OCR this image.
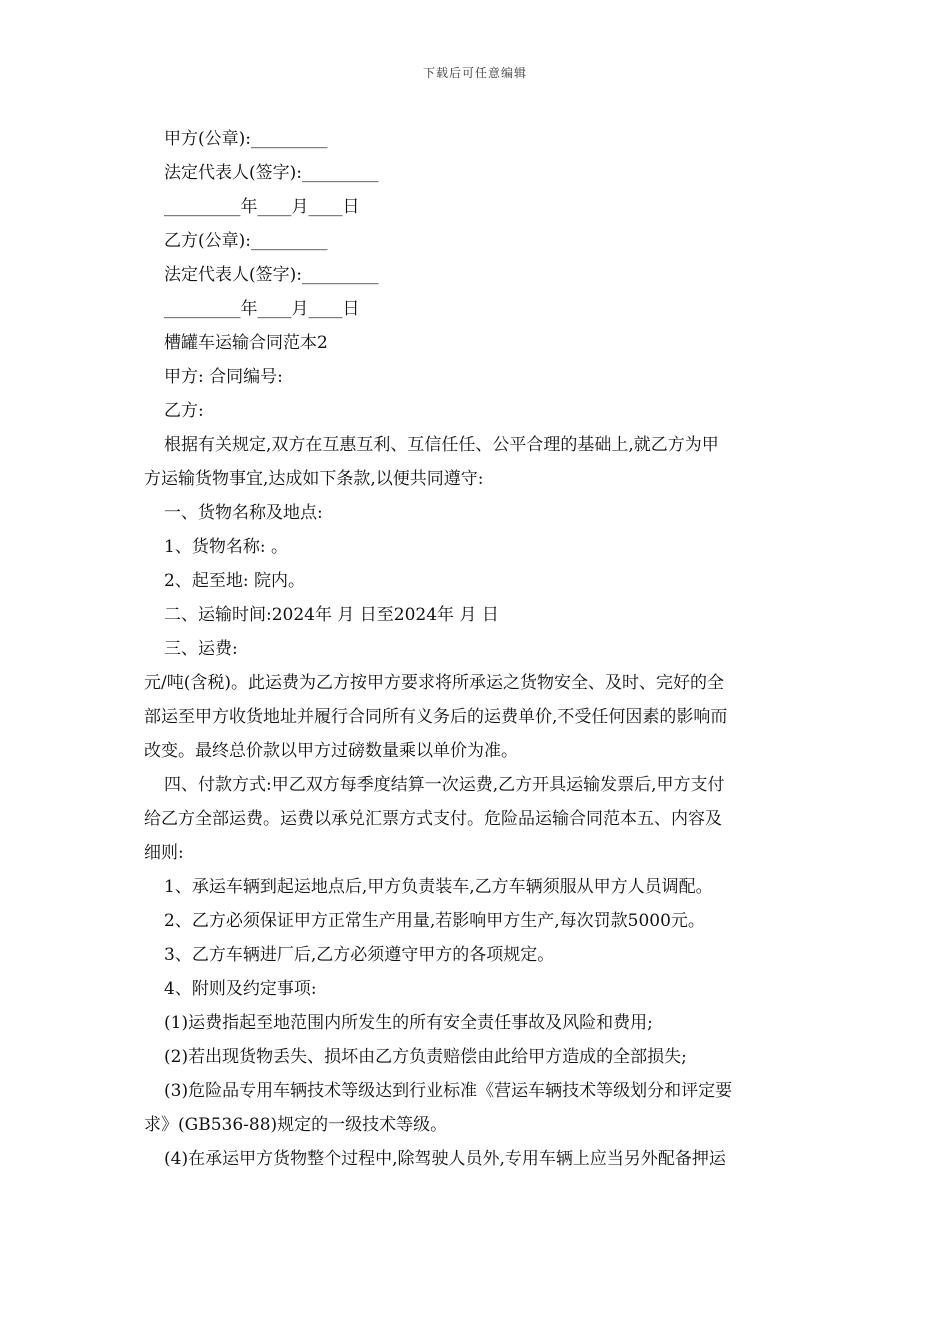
下载后可任意编辑
甲方(公章):_________
法定代表人(签字):_________
_________年____月____日
乙方(公章):_________
法定代表人(签字):_________
_________年____月____日
槽罐车运输合同范本2
甲方: 合同编号:
乙方:
根据有关规定,双方在互惠互利、互信任任、公平合理的基础上,就乙方为甲
方运输货物事宜,达成如下条款,以便共同遵守:
一、货物名称及地点:
1、货物名称: 。
2、起至地: 院内。
二、运输时间:2024年 月 日至2024年 月 日
三、运费:
元/吨(含税)。此运费为乙方按甲方要求将所承运之货物安全、及时、完好的全
部运至甲方收货地址并履行合同所有义务后的运费单价,不受任何因素的影响而
改变。最终总价款以甲方过磅数量乘以单价为准。
四、付款方式:甲乙双方每季度结算一次运费,乙方开具运输发票后,甲方支付
给乙方全部运费。运费以承兑汇票方式支付。危险品运输合同范本五、内容及
细则:
1、承运车辆到起运地点后,甲方负责装车,乙方车辆须服从甲方人员调配。
2、乙方必须保证甲方正常生产用量,若影响甲方生产,每次罚款5000元。
3、乙方车辆进厂后,乙方必须遵守甲方的各项规定。
4、附则及约定事项:
(1)运费指起至地范围内所发生的所有安全责任事故及风险和费用;
(2)若出现货物丢失、损坏由乙方负责赔偿由此给甲方造成的全部损失;
(3)危险品专用车辆技术等级达到行业标准《营运车辆技术等级划分和评定要
求》(GB536-88)规定的一级技术等级。
(4)在承运甲方货物整个过程中,除驾驶人员外,专用车辆上应当另外配备押运
